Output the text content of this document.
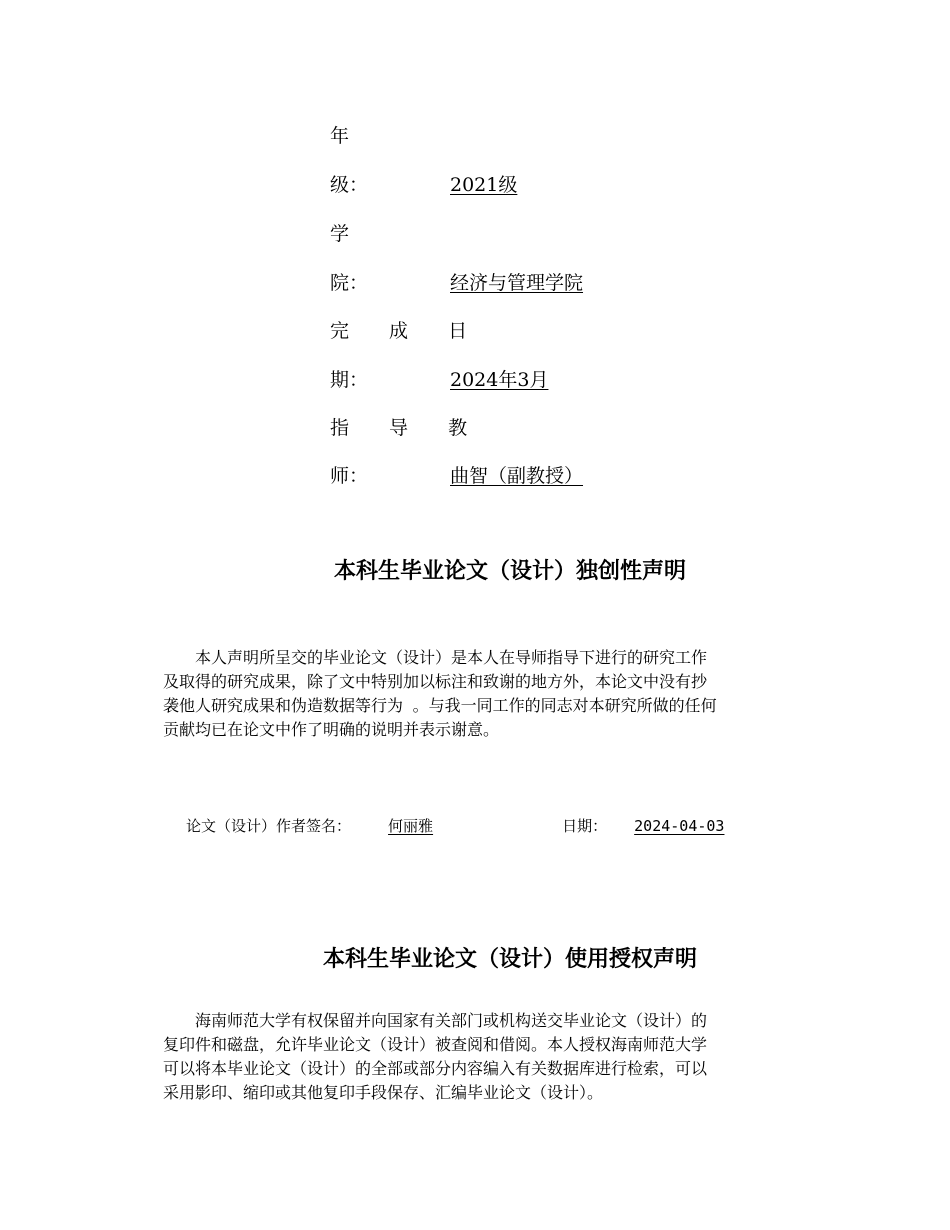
年
级：	2021级
学
院：	经济与管理学院
完 成 日
期：	2024年3月
指 导 教
师：	曲智（副教授）
本科生毕业论文（设计）独创性声明
本人声明所呈交的毕业论文（设计）是本人在导师指导下进行的研究工作
及取得的研究成果，除了文中特别加以标注和致谢的地方外，本论文中没有抄
袭他人研究成果和伪造数据等行为 。与我一同工作的同志对本研究所做的任何
贡献均已在论文中作了明确的说明并表示谢意。
论文（设计）作者签名： 何丽雅	日期： 2024-04-03
本科生毕业论文（设计）使用授权声明
海南师范大学有权保留并向国家有关部门或机构送交毕业论文（设计）的
复印件和磁盘，允许毕业论文（设计）被查阅和借阅。本人授权海南师范大学
可以将本毕业论文（设计）的全部或部分内容编入有关数据库进行检索，可以
采用影印、缩印或其他复印手段保存、汇编毕业论文（设计）。
